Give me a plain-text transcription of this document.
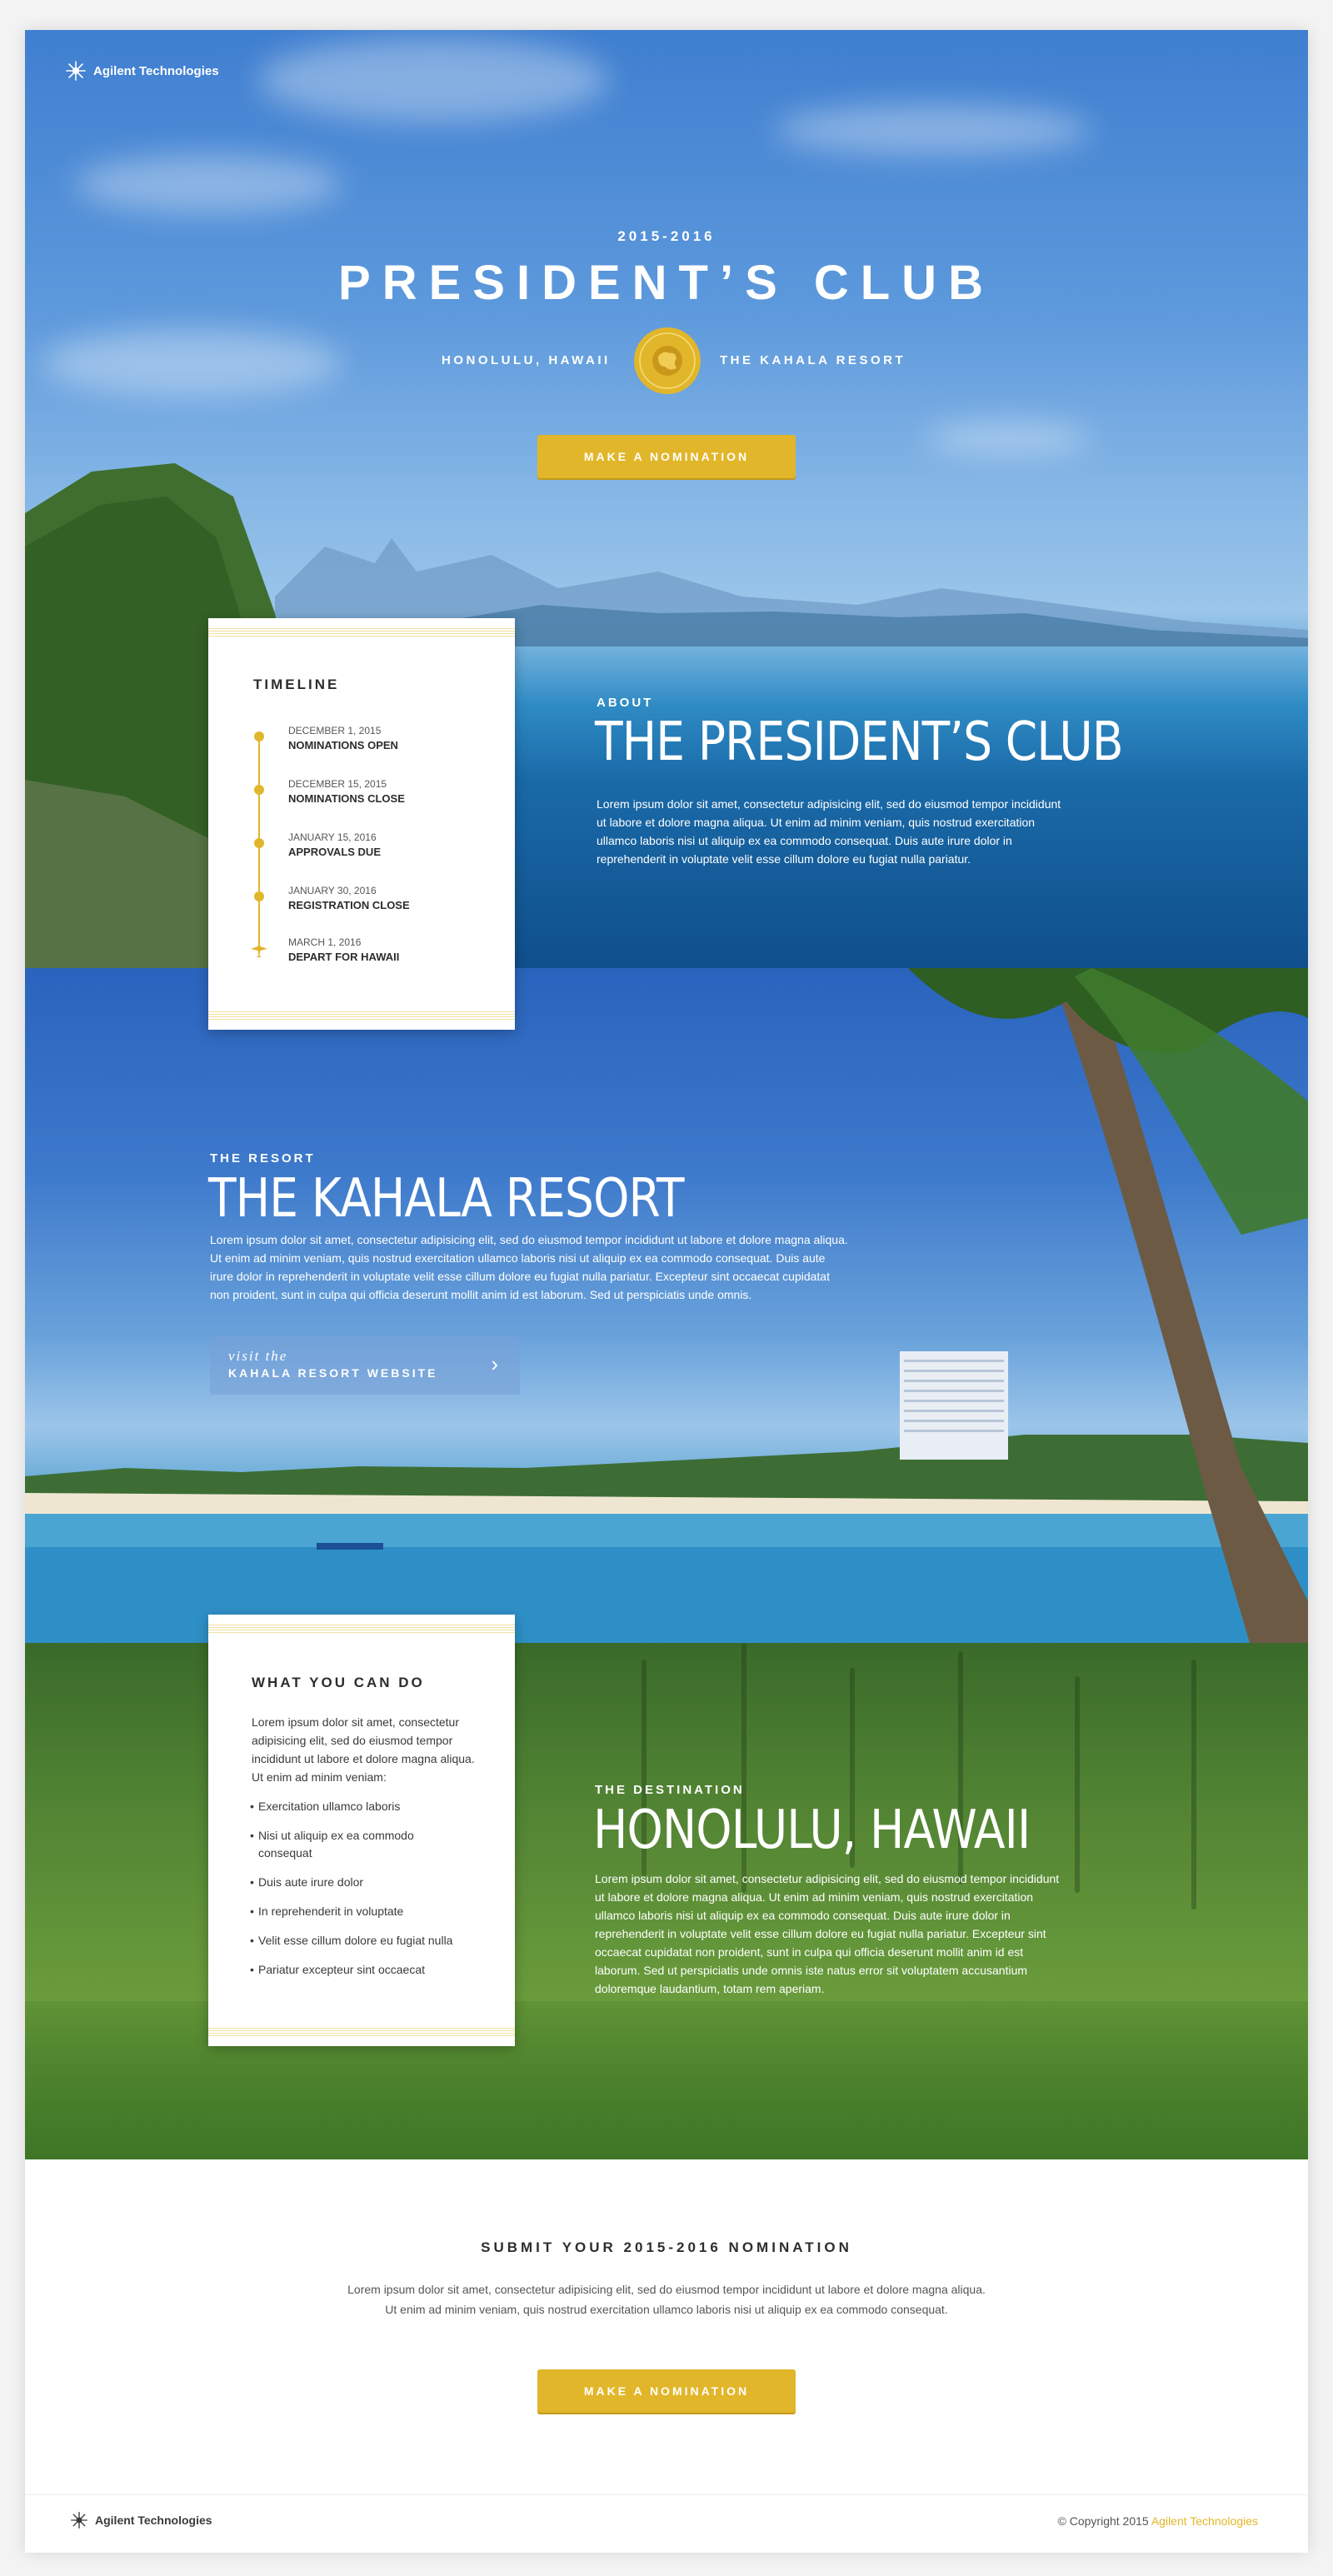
Agilent Technologies
2015-2016
PRESIDENT’S CLUB
HONOLULU, HAWAII	THE KAHALA RESORT
MAKE A NOMINATION
ABOUT
THE PRESIDENT’S CLUB
Lorem ipsum dolor sit amet, consectetur adipisicing elit, sed do eiusmod tempor incididunt
ut labore et dolore magna aliqua. Ut enim ad minim veniam, quis nostrud exercitation
ullamco laboris nisi ut aliquip ex ea commodo consequat. Duis aute irure dolor in
reprehenderit in voluptate velit esse cillum dolore eu fugiat nulla pariatur.
THE DESTINATION
HONOLULU, HAWAII
Lorem ipsum dolor sit amet, consectetur adipisicing elit, sed do eiusmod tempor incididunt
ut labore et dolore magna aliqua. Ut enim ad minim veniam, quis nostrud exercitation
ullamco laboris nisi ut aliquip ex ea commodo consequat. Duis aute irure dolor in
reprehenderit in voluptate velit esse cillum dolore eu fugiat nulla pariatur. Excepteur sint
occaecat cupidatat non proident, sunt in culpa qui officia deserunt mollit anim id est
laborum. Sed ut perspiciatis unde omnis iste natus error sit voluptatem accusantium
doloremque laudantium, totam rem aperiam.
THE RESORT
THE KAHALA RESORT
Lorem ipsum dolor sit amet, consectetur adipisicing elit, sed do eiusmod tempor incididunt ut labore et dolore magna aliqua.
Ut enim ad minim veniam, quis nostrud exercitation ullamco laboris nisi ut aliquip ex ea commodo consequat. Duis aute
irure dolor in reprehenderit in voluptate velit esse cillum dolore eu fugiat nulla pariatur. Excepteur sint occaecat cupidatat
non proident, sunt in culpa qui officia deserunt mollit anim id est laborum. Sed ut perspiciatis unde omnis.
visit the
KAHALA RESORT WEBSITE ›
TIMELINE
DECEMBER 1, 2015
NOMINATIONS OPEN
DECEMBER 15, 2015
NOMINATIONS CLOSE
JANUARY 15, 2016
APPROVALS DUE
JANUARY 30, 2016
REGISTRATION CLOSE
MARCH 1, 2016
DEPART FOR HAWAII
WHAT YOU CAN DO
Lorem ipsum dolor sit amet, consectetur adipisicing elit, sed do eiusmod tempor incididunt ut labore et dolore magna aliqua. Ut enim ad minim veniam:
• Exercitation ullamco laboris
• Nisi ut aliquip ex ea commodo consequat
• Duis aute irure dolor
• In reprehenderit in voluptate
• Velit esse cillum dolore eu fugiat nulla
• Pariatur excepteur sint occaecat
SUBMIT YOUR 2015-2016 NOMINATION
Lorem ipsum dolor sit amet, consectetur adipisicing elit, sed do eiusmod tempor incididunt ut labore et dolore magna aliqua.
Ut enim ad minim veniam, quis nostrud exercitation ullamco laboris nisi ut aliquip ex ea commodo consequat.
MAKE A NOMINATION
Agilent Technologies	© Copyright 2015 Agilent Technologies
